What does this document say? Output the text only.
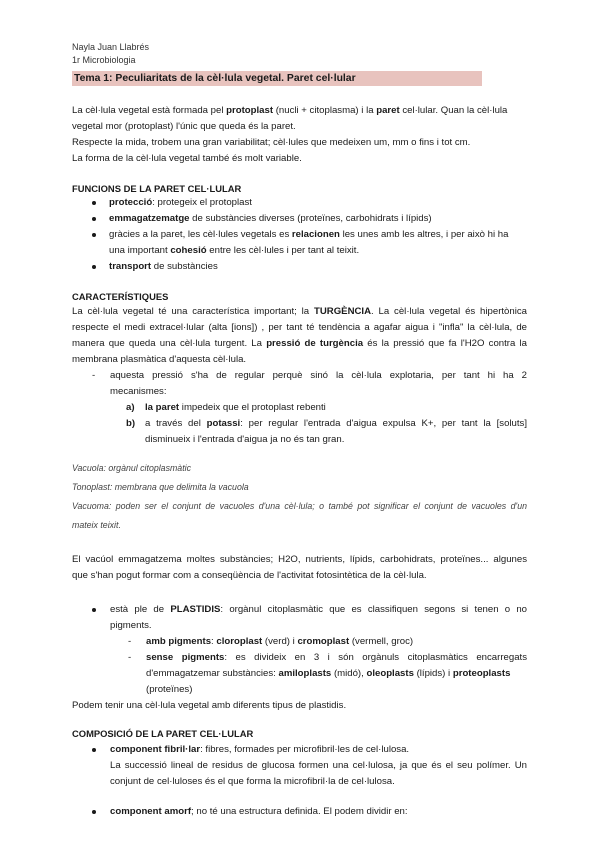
Nayla Juan Llabrés
1r Microbiologia
Tema 1: Peculiaritats de la cèl·lula vegetal. Paret cel·lular
La cèl·lula vegetal està formada pel protoplast (nucli + citoplasma) i la paret cel·lular. Quan la cèl·lula
vegetal mor (protoplast) l'únic que queda és la paret.
Respecte la mida, trobem una gran variabilitat; cèl·lules que medeixen um, mm o fins i tot cm.
La forma de la cèl·lula vegetal també és molt variable.
FUNCIONS DE LA PARET CEL·LULAR
protecció: protegeix el protoplast
emmagatzematge de substàncies diverses (proteïnes, carbohidrats i lípids)
gràcies a la paret, les cèl·lules vegetals es relacionen les unes amb les altres, i per això hi ha
una important cohesió entre les cèl·lules i per tant al teixit.
transport de substàncies
CARACTERÍSTIQUES
La cèl·lula vegetal té una característica important; la TURGÈNCIA. La cèl·lula vegetal és hipertònica
respecte el medi extracel·lular (alta [ions]) , per tant té tendència a agafar aigua i "infla" la cèl·lula, de
manera que queda una cèl·lula turgent. La pressió de turgència és la pressió que fa l'H2O contra la
membrana plasmàtica d'aquesta cèl·lula.
- aquesta pressió s'ha de regular perquè sinó la cèl·lula explotaria, per tant hi ha 2
mecanismes:
a) la paret impedeix que el protoplast rebenti
b) a través del potassi: per regular l'entrada d'aigua expulsa K+, per tant la [soluts]
disminueix i l'entrada d'aigua ja no és tan gran.
Vacuola: orgànul citoplasmàtic
Tonoplast: membrana que delimita la vacuola
Vacuoma: poden ser el conjunt de vacuoles d'una cèl·lula; o també pot significar el conjunt de vacuoles d'un
mateix teixit.
El vacúol emmagatzema moltes substàncies; H2O, nutrients, lípids, carbohidrats, proteïnes... algunes
que s'han pogut formar com a conseqüència de l'activitat fotosintètica de la cèl·lula.
està ple de PLASTIDIS: orgànul citoplasmàtic que es classifiquen segons si tenen o no
pigments.
- amb pigments: cloroplast (verd) i cromoplast (vermell, groc)
- sense pigments: es divideix en 3 i són orgànuls citoplasmàtics encarregats
d'emmagatzemar substàncies: amiloplasts (midó), oleoplasts (lípids) i proteoplasts
(proteïnes)
Podem tenir una cèl·lula vegetal amb diferents tipus de plastidis.
COMPOSICIÓ DE LA PARET CEL·LULAR
component fibril·lar: fibres, formades per microfibril·les de cel·lulosa.
La successió lineal de residus de glucosa formen una cel·lulosa, ja que és el seu polímer. Un
conjunt de cel·luloses és el que forma la microfibril·la de cel·lulosa.
component amorf; no té una estructura definida. El podem dividir en:
